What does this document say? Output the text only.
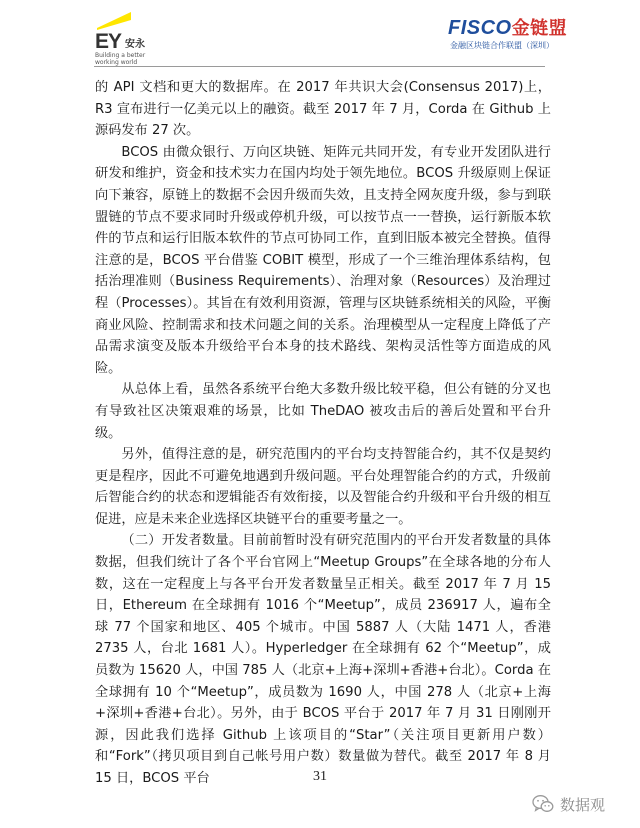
EY 安永
Building a better working world
FISCO金链盟
金融区块链合作联盟（深圳）

的 API 文档和更大的数据库。在 2017 年共识大会(Consensus 2017)上，R3 宣布进行一亿美元以上的融资。截至 2017 年 7 月，Corda 在 Github 上源码发布 27 次。

BCOS 由微众银行、万向区块链、矩阵元共同开发，有专业开发团队进行研发和维护，资金和技术实力在国内均处于领先地位。BCOS 升级原则上保证向下兼容，原链上的数据不会因升级而失效，且支持全网灰度升级，参与到联盟链的节点不要求同时升级或停机升级，可以按节点一一替换，运行新版本软件的节点和运行旧版本软件的节点可协同工作，直到旧版本被完全替换。值得注意的是，BCOS 平台借鉴 COBIT 模型，形成了一个三维治理体系结构，包括治理准则（Business Requirements）、治理对象（Resources）及治理过程（Processes）。其旨在有效利用资源，管理与区块链系统相关的风险，平衡商业风险、控制需求和技术问题之间的关系。治理模型从一定程度上降低了产品需求演变及版本升级给平台本身的技术路线、架构灵活性等方面造成的风险。

从总体上看，虽然各系统平台绝大多数升级比较平稳，但公有链的分叉也有导致社区决策艰难的场景，比如 TheDAO 被攻击后的善后处置和平台升级。

另外，值得注意的是，研究范围内的平台均支持智能合约，其不仅是契约更是程序，因此不可避免地遇到升级问题。平台处理智能合约的方式，升级前后智能合约的状态和逻辑能否有效衔接，以及智能合约升级和平台升级的相互促进，应是未来企业选择区块链平台的重要考量之一。

（二）开发者数量。目前前暂时没有研究范围内的平台开发者数量的具体数据，但我们统计了各个平台官网上“Meetup Groups”在全球各地的分布人数，这在一定程度上与各平台开发者数量呈正相关。截至 2017 年 7 月 15 日，Ethereum 在全球拥有 1016 个“Meetup”，成员 236917 人，遍布全球 77 个国家和地区、405 个城市。中国 5887 人（大陆 1471 人，香港 2735 人，台北 1681 人）。Hyperledger 在全球拥有 62 个“Meetup”，成员数为 15620 人，中国 785 人（北京+上海+深圳+香港+台北）。Corda 在全球拥有 10 个“Meetup”，成员数为 1690 人，中国 278 人（北京+上海+深圳+香港+台北）。另外，由于 BCOS 平台于 2017 年 7 月 31 日刚刚开源，因此我们选择 Github 上该项目的“Star”（关注项目更新用户数）和“Fork”（拷贝项目到自己帐号用户数）数量做为替代。截至 2017 年 8 月 15 日，BCOS 平台	31
数据观
